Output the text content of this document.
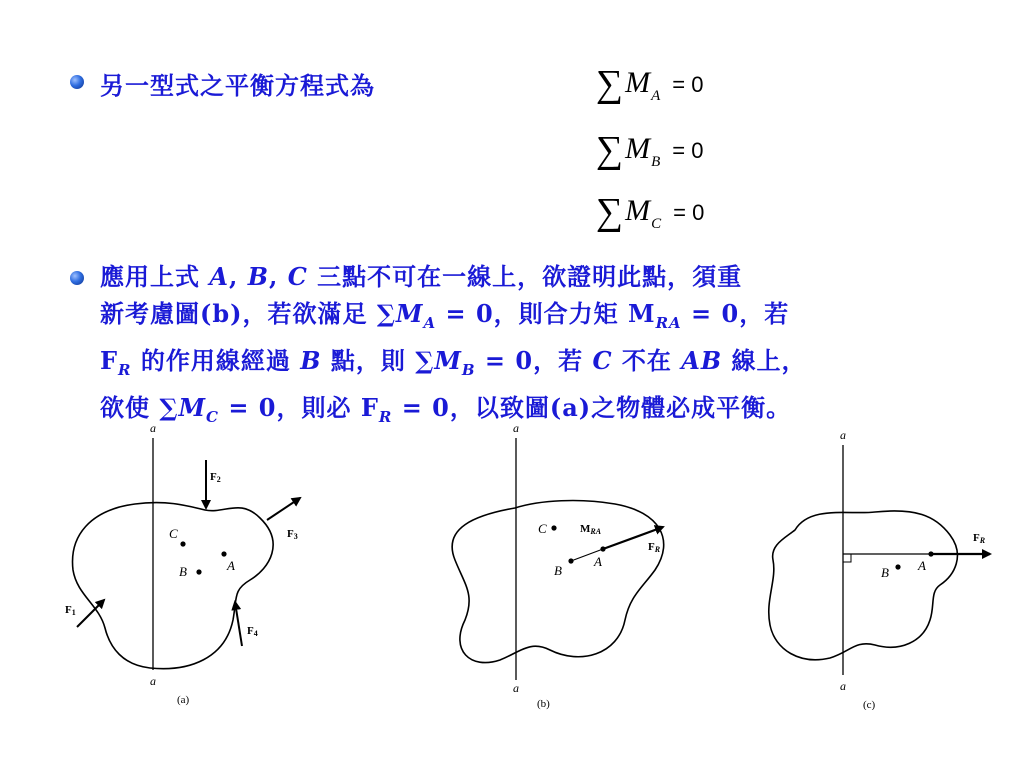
另一型式之平衡方程式為	$\sum M_A = 0$
$\sum M_B = 0$
$\sum M_C = 0$
應用上式 A, B, C 三點不可在一線上，欲證明此點，須重
新考慮圖(b)，若欲滿足 $\sum M_A = 0$，則合力矩 $M_{RA} = 0$，若
$F_R$ 的作用線經過 B 點，則 $\sum M_B = 0$，若 C 不在 AB 線上，
欲使 $\sum M_C = 0$，則必 $F_R = 0$，以致圖(a)之物體必成平衡。
a
a
C
B	A
F1
F2
F3
F4
(a)
a
a
C
B
A
MRA
FR
(b)
a
a
B A
FR
(c)
